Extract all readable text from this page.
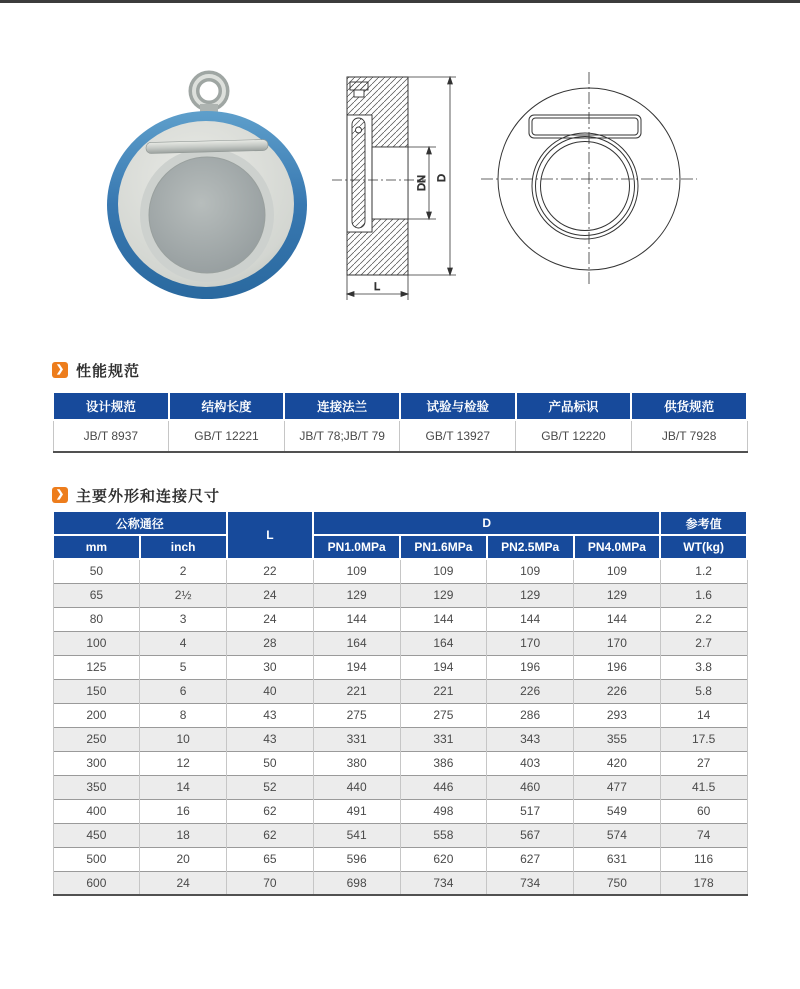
DN D
L
❯ 性能规范
设计规范	结构长度	连接法兰	试验与检验	产品标识	供货规范
JB/T 8937	GB/T 12221	JB/T 78;JB/T 79	GB/T 13927	GB/T 12220	JB/T 7928
❯ 主要外形和连接尺寸
公称通径		L	D				参考值
mm	inch		PN1.0MPa	PN1.6MPa	PN2.5MPa	PN4.0MPa	WT(kg)
50	2	22	109	109	109	109	1.2
65	2½	24	129	129	129	129	1.6
80	3	24	144	144	144	144	2.2
100	4	28	164	164	170	170	2.7
125	5	30	194	194	196	196	3.8
150	6	40	221	221	226	226	5.8
200	8	43	275	275	286	293	14
250	10	43	331	331	343	355	17.5
300	12	50	380	386	403	420	27
350	14	52	440	446	460	477	41.5
400	16	62	491	498	517	549	60
450	18	62	541	558	567	574	74
500	20	65	596	620	627	631	116
600	24	70	698	734	734	750	178
